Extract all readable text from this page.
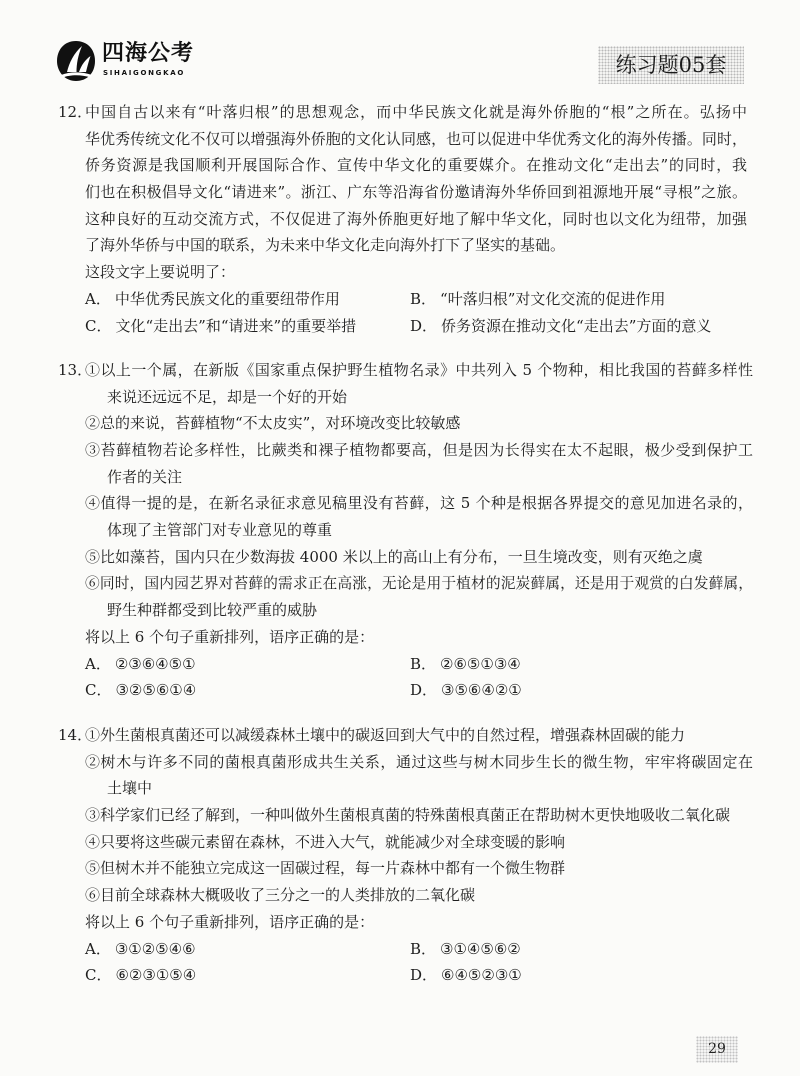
四海公考
SIHAIGONGKAO	练习题05套
12．
中国自古以来有“叶落归根”的思想观念，而中华民族文化就是海外侨胞的“根”之所在。弘扬中
华优秀传统文化不仅可以增强海外侨胞的文化认同感，也可以促进中华优秀文化的海外传播。同时，
侨务资源是我国顺利开展国际合作、宣传中华文化的重要媒介。在推动文化“走出去”的同时，我
们也在积极倡导文化“请进来”。浙江、广东等沿海省份邀请海外华侨回到祖源地开展“寻根”之旅。
这种良好的互动交流方式，不仅促进了海外侨胞更好地了解中华文化，同时也以文化为纽带，加强
了海外华侨与中国的联系，为未来中华文化走向海外打下了坚实的基础。
这段文字上要说明了：
A． 中华优秀民族文化的重要纽带作用	B． “叶落归根”对文化交流的促进作用
C． 文化“走出去”和“请进来”的重要举措	D． 侨务资源在推动文化“走出去”方面的意义
13．
①以上一个属，在新版《国家重点保护野生植物名录》中共列入 5 个物种，相比我国的苔藓多样性
来说还远远不足，却是一个好的开始
②总的来说，苔藓植物“不太皮实”，对环境改变比较敏感
③苔藓植物若论多样性，比蕨类和裸子植物都要高，但是因为长得实在太不起眼，极少受到保护工
作者的关注
④值得一提的是，在新名录征求意见稿里没有苔藓，这 5 个种是根据各界提交的意见加进名录的，
体现了主管部门对专业意见的尊重
⑤比如藻苔，国内只在少数海拔 4000 米以上的高山上有分布，一旦生境改变，则有灭绝之虞
⑥同时，国内园艺界对苔藓的需求正在高涨，无论是用于植材的泥炭藓属，还是用于观赏的白发藓属，
野生种群都受到比较严重的威胁
将以上 6 个句子重新排列，语序正确的是：
A． ②③⑥④⑤①	B． ②⑥⑤①③④
C． ③②⑤⑥①④	D． ③⑤⑥④②①
14．
①外生菌根真菌还可以减缓森林土壤中的碳返回到大气中的自然过程，增强森林固碳的能力
②树木与许多不同的菌根真菌形成共生关系，通过这些与树木同步生长的微生物，牢牢将碳固定在
土壤中
③科学家们已经了解到，一种叫做外生菌根真菌的特殊菌根真菌正在帮助树木更快地吸收二氧化碳
④只要将这些碳元素留在森林，不进入大气，就能减少对全球变暖的影响
⑤但树木并不能独立完成这一固碳过程，每一片森林中都有一个微生物群
⑥目前全球森林大概吸收了三分之一的人类排放的二氧化碳
将以上 6 个句子重新排列，语序正确的是：
A． ③①②⑤④⑥	B． ③①④⑤⑥②
C． ⑥②③①⑤④	D． ⑥④⑤②③①
29
